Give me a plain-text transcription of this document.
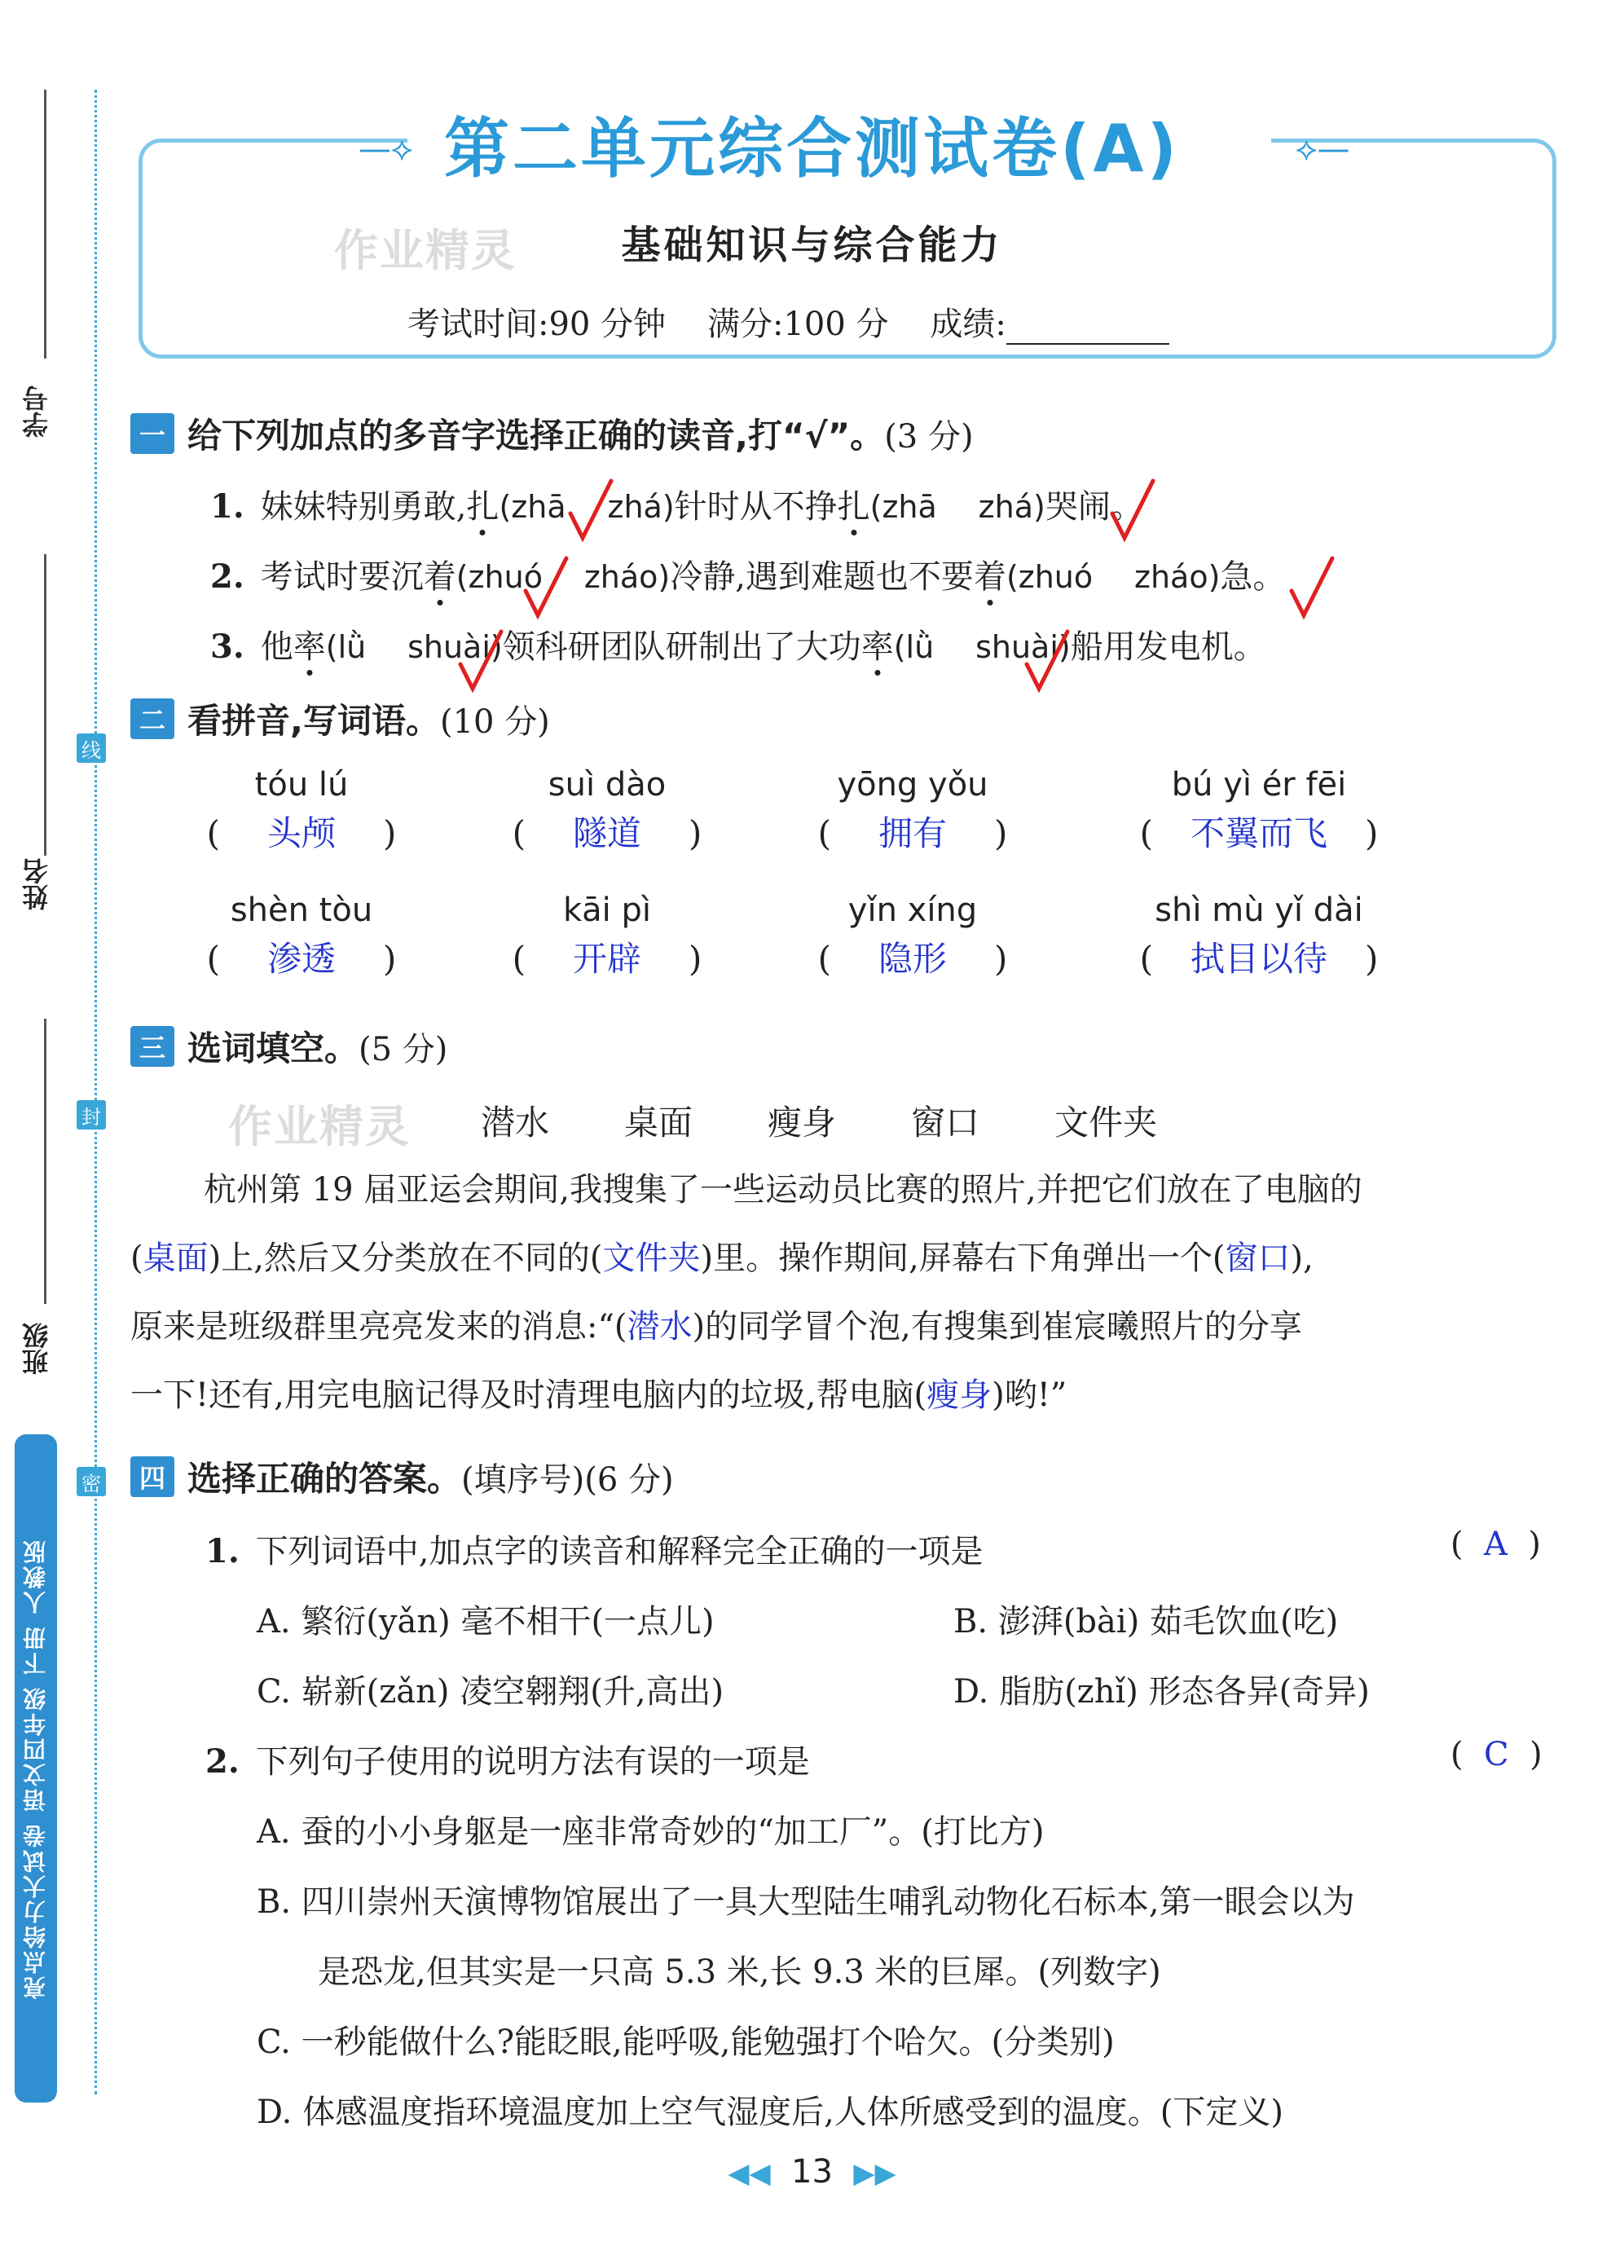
学号
姓名
班级
线
封
密
亮点给力大试卷 语文四年级 下册 人教版
—⟡	⟡—
第二单元综合测试卷(A)
作业精灵	基础知识与综合能力
考试时间:90 分钟 满分:100 分 成绩:
一 给下列加点的多音字选择正确的读音,打“√”。 (3 分)
1. 妹妹特别勇敢,扎(zhā zhá)针时从不挣扎(zhā zhá)哭闹。
2. 考试时要沉着(zhuó zháo)冷静,遇到难题也不要着(zhuó zháo)急。
3. 他率(lǜ shuài)领科研团队研制出了大功率(lǜ shuài)船用发电机。
二 看拼音,写词语。 (10 分)
tóu lú
( 头颅 )
suì dào
( 隧道 )
yōng yǒu
( 拥有 )
bú yì ér fēi
( 不翼而飞 )
shèn tòu
( 渗透 )
kāi pì
( 开辟 )
yǐn xíng
( 隐形 )
shì mù yǐ dài
( 拭目以待 )
三 选词填空。 (5 分)
作业精灵 潜水 桌面 瘦身 窗口 文件夹
杭州第 19 届亚运会期间,我搜集了一些运动员比赛的照片,并把它们放在了电脑的
(桌面)上,然后又分类放在不同的(文件夹)里。操作期间,屏幕右下角弹出一个(窗口),
原来是班级群里亮亮发来的消息:“(潜水)的同学冒个泡,有搜集到崔宸曦照片的分享
一下!还有,用完电脑记得及时清理电脑内的垃圾,帮电脑(瘦身)哟!”
四 选择正确的答案。 (填序号)(6 分)
1. 下列词语中,加点字的读音和解释完全正确的一项是	(  A  )
A. 繁衍(yǎn) 毫不相干(一点儿)	B. 澎湃(bài) 茹毛饮血(吃)
C. 崭新(zǎn) 凌空翱翔(升,高出)	D. 脂肪(zhǐ) 形态各异(奇异)
2. 下列句子使用的说明方法有误的一项是	(  C  )
A. 蚕的小小身躯是一座非常奇妙的“加工厂”。(打比方)
B. 四川崇州天演博物馆展出了一具大型陆生哺乳动物化石标本,第一眼会以为
是恐龙,但其实是一只高 5.3 米,长 9.3 米的巨犀。(列数字)
C. 一秒能做什么?能眨眼,能呼吸,能勉强打个哈欠。(分类别)
D. 体感温度指环境温度加上空气湿度后,人体所感受到的温度。(下定义)
◀◀ 13 ▶▶
